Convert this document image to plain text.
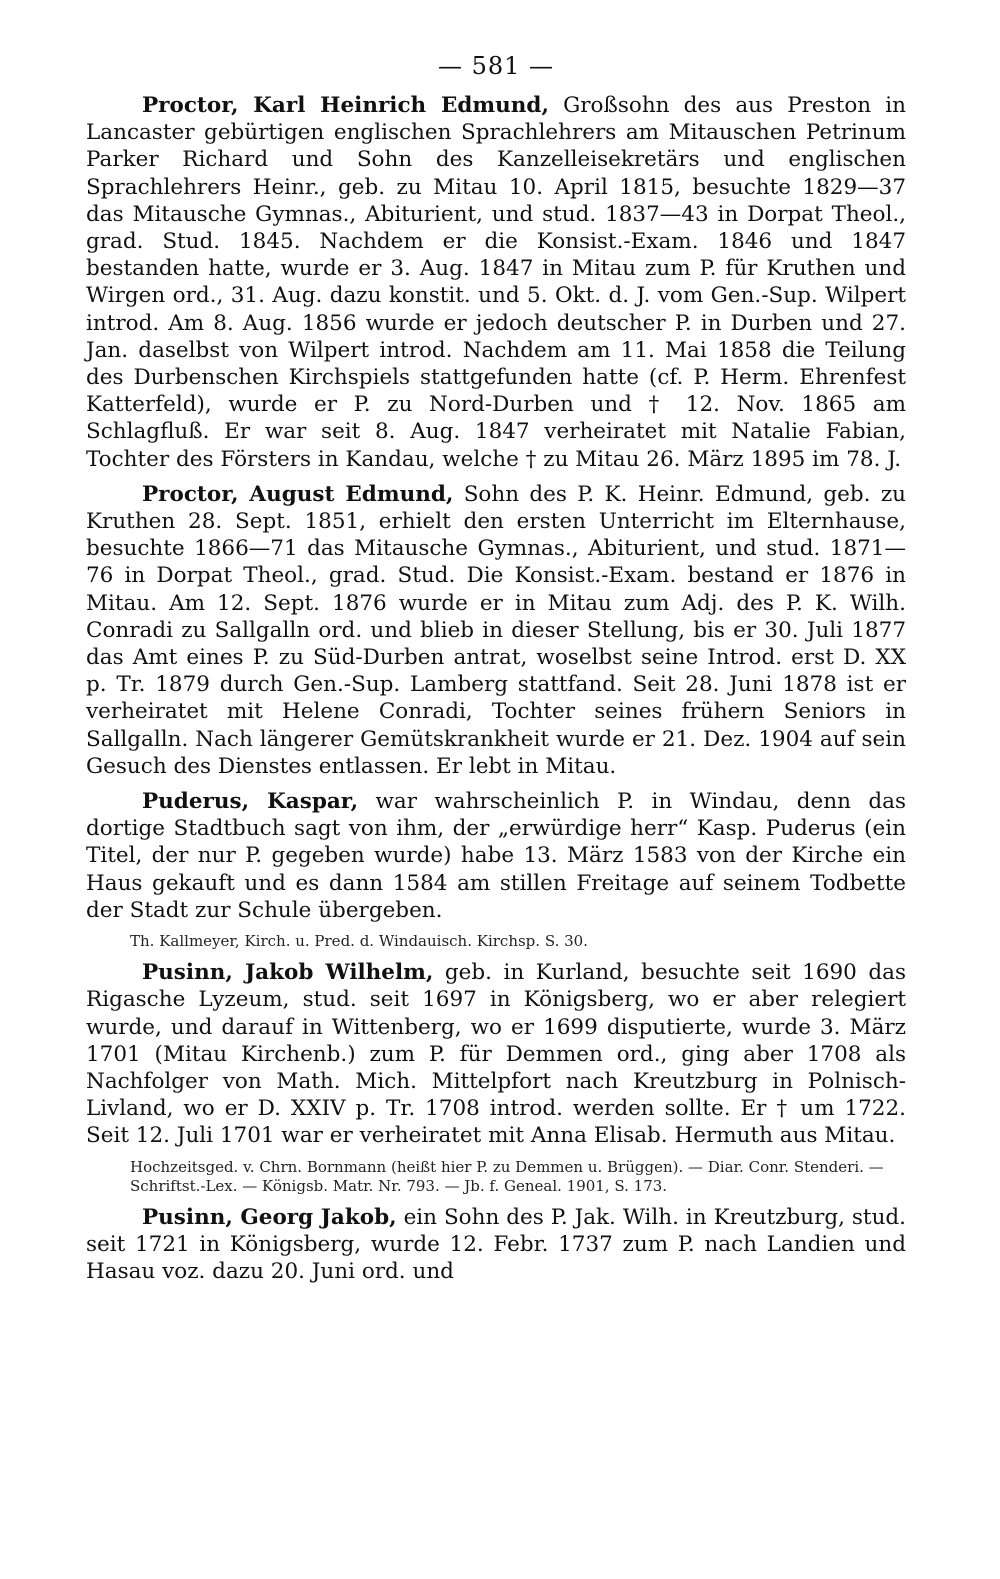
— 581 —

Proctor, Karl Heinrich Edmund, Großsohn des aus Preston in Lancaster gebürtigen englischen Sprachlehrers am Mitauschen Petrinum Parker Richard und Sohn des Kanzelleisekretärs und englischen Sprachlehrers Heinr., geb. zu Mitau 10. April 1815, besuchte 1829—37 das Mitausche Gymnas., Abiturient, und stud. 1837—43 in Dorpat Theol., grad. Stud. 1845. Nachdem er die Konsist.-Exam. 1846 und 1847 bestanden hatte, wurde er 3. Aug. 1847 in Mitau zum P. für Kruthen und Wirgen ord., 31. Aug. dazu konstit. und 5. Okt. d. J. vom Gen.-Sup. Wilpert introd. Am 8. Aug. 1856 wurde er jedoch deutscher P. in Durben und 27. Jan. daselbst von Wilpert introd. Nachdem am 11. Mai 1858 die Teilung des Durbenschen Kirchspiels stattgefunden hatte (cf. P. Herm. Ehrenfest Katterfeld), wurde er P. zu Nord-Durben und † 12. Nov. 1865 am Schlagfluß. Er war seit 8. Aug. 1847 verheiratet mit Natalie Fabian, Tochter des Försters in Kandau, welche † zu Mitau 26. März 1895 im 78. J.

Proctor, August Edmund, Sohn des P. K. Heinr. Edmund, geb. zu Kruthen 28. Sept. 1851, erhielt den ersten Unterricht im Elternhause, besuchte 1866—71 das Mitausche Gymnas., Abiturient, und stud. 1871—76 in Dorpat Theol., grad. Stud. Die Konsist.-Exam. bestand er 1876 in Mitau. Am 12. Sept. 1876 wurde er in Mitau zum Adj. des P. K. Wilh. Conradi zu Sallgalln ord. und blieb in dieser Stellung, bis er 30. Juli 1877 das Amt eines P. zu Süd-Durben antrat, woselbst seine Introd. erst D. XX p. Tr. 1879 durch Gen.-Sup. Lamberg stattfand. Seit 28. Juni 1878 ist er verheiratet mit Helene Conradi, Tochter seines frühern Seniors in Sallgalln. Nach längerer Gemütskrankheit wurde er 21. Dez. 1904 auf sein Gesuch des Dienstes entlassen. Er lebt in Mitau.

Puderus, Kaspar, war wahrscheinlich P. in Windau, denn das dortige Stadtbuch sagt von ihm, der „erwürdige herr“ Kasp. Puderus (ein Titel, der nur P. gegeben wurde) habe 13. März 1583 von der Kirche ein Haus gekauft und es dann 1584 am stillen Freitage auf seinem Todbette der Stadt zur Schule übergeben.

Th. Kallmeyer, Kirch. u. Pred. d. Windauisch. Kirchsp. S. 30.

Pusinn, Jakob Wilhelm, geb. in Kurland, besuchte seit 1690 das Rigasche Lyzeum, stud. seit 1697 in Königsberg, wo er aber relegiert wurde, und darauf in Wittenberg, wo er 1699 disputierte, wurde 3. März 1701 (Mitau Kirchenb.) zum P. für Demmen ord., ging aber 1708 als Nachfolger von Math. Mich. Mittelpfort nach Kreutzburg in Polnisch-Livland, wo er D. XXIV p. Tr. 1708 introd. werden sollte. Er † um 1722. Seit 12. Juli 1701 war er verheiratet mit Anna Elisab. Hermuth aus Mitau.

Hochzeitsged. v. Chrn. Bornmann (heißt hier P. zu Demmen u. Brüggen). — Diar. Conr. Stenderi. — Schriftst.-Lex. — Königsb. Matr. Nr. 793. — Jb. f. Geneal. 1901, S. 173.

Pusinn, Georg Jakob, ein Sohn des P. Jak. Wilh. in Kreutzburg, stud. seit 1721 in Königsberg, wurde 12. Febr. 1737 zum P. nach Landien und Hasau voz. dazu 20. Juni ord. und
